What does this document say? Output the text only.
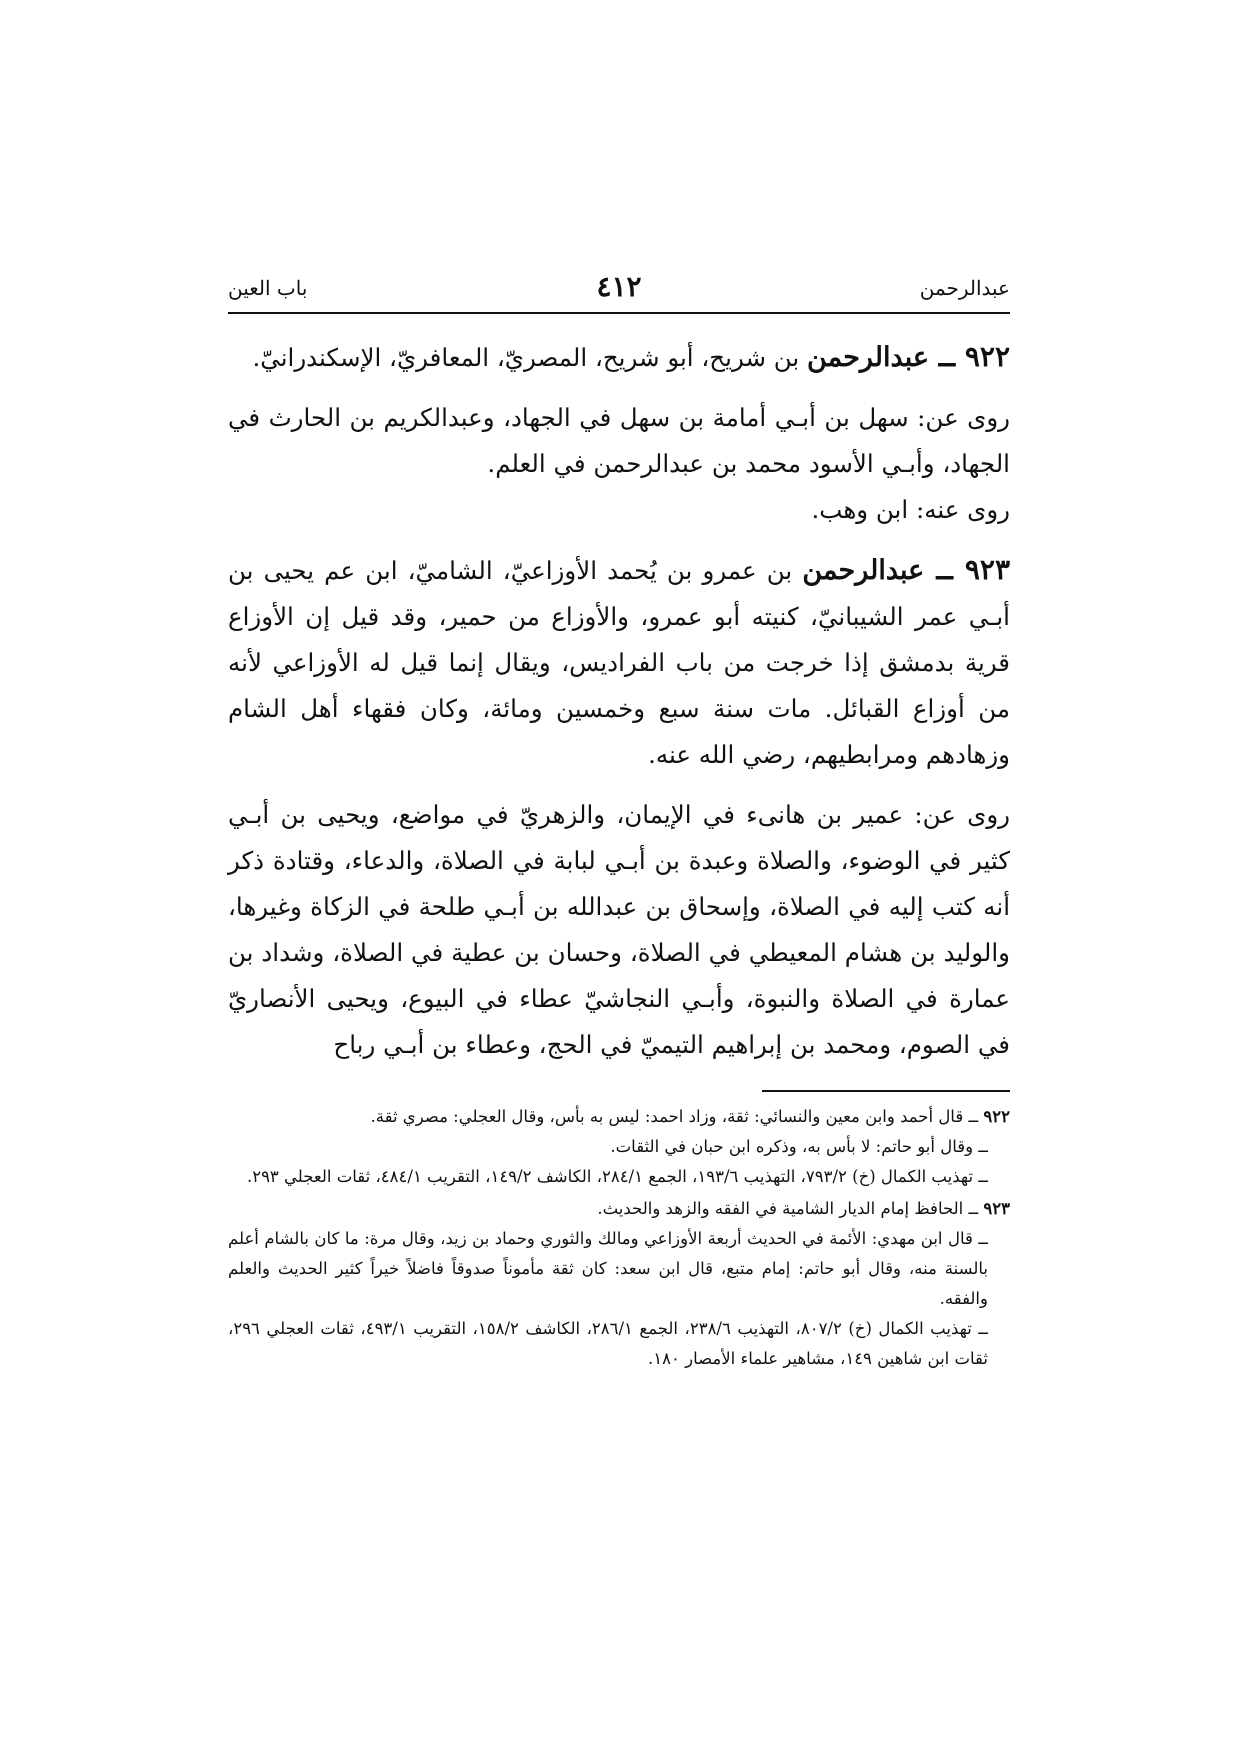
عبدالرحمن
٤١٢
باب العين
٩٢٢ ــ عبدالرحمن بن شريح، أبو شريح، المصريّ، المعافريّ، الإسكندرانيّ.
روى عن: سهل بن أبـي أمامة بن سهل في الجهاد، وعبدالكريم بن الحارث في الجهاد، وأبـي الأسود محمد بن عبدالرحمن في العلم.
روى عنه: ابن وهب.
٩٢٣ ــ عبدالرحمن بن عمرو بن يُحمد الأوزاعيّ، الشاميّ، ابن عم يحيى بن أبـي عمر الشيبانيّ، كنيته أبو عمرو، والأوزاع من حمير، وقد قيل إن الأوزاع قرية بدمشق إذا خرجت من باب الفراديس، ويقال إنما قيل له الأوزاعي لأنه من أوزاع القبائل. مات سنة سبع وخمسين ومائة، وكان فقهاء أهل الشام وزهادهم ومرابطيهم، رضي الله عنه.
روى عن: عمير بن هانىء في الإيمان، والزهريّ في مواضع، ويحيى بن أبـي كثير في الوضوء، والصلاة وعبدة بن أبـي لبابة في الصلاة، والدعاء، وقتادة ذكر أنه كتب إليه في الصلاة، وإسحاق بن عبدالله بن أبـي طلحة في الزكاة وغيرها، والوليد بن هشام المعيطي في الصلاة، وحسان بن عطية في الصلاة، وشداد بن عمارة في الصلاة والنبوة، وأبـي النجاشيّ عطاء في البيوع، ويحيى الأنصاريّ في الصوم، ومحمد بن إبراهيم التيميّ في الحج، وعطاء بن أبـي رباح
٩٢٢ ــ قال أحمد وابن معين والنسائي: ثقة، وزاد احمد: ليس به بأس، وقال العجلي: مصري ثقة.
ــ وقال أبو حاتم: لا بأس به، وذكره ابن حبان في الثقات.
ــ تهذيب الكمال (خ) ٧٩٣/٢، التهذيب ١٩٣/٦، الجمع ٢٨٤/١، الكاشف ١٤٩/٢، التقريب ٤٨٤/١، ثقات العجلي ٢٩٣.
٩٢٣ ــ الحافظ إمام الديار الشامية في الفقه والزهد والحديث.
ــ قال ابن مهدي: الأئمة في الحديث أربعة الأوزاعي ومالك والثوري وحماد بن زيد، وقال مرة: ما كان بالشام أعلم بالسنة منه، وقال أبو حاتم: إمام متبع، قال ابن سعد: كان ثقة مأموناً صدوقاً فاضلاً خيراً كثير الحديث والعلم والفقه.
ــ تهذيب الكمال (خ) ٨٠٧/٢، التهذيب ٢٣٨/٦، الجمع ٢٨٦/١، الكاشف ١٥٨/٢، التقريب ٤٩٣/١، ثقات العجلي ٢٩٦، ثقات ابن شاهين ١٤٩، مشاهير علماء الأمصار ١٨٠.
